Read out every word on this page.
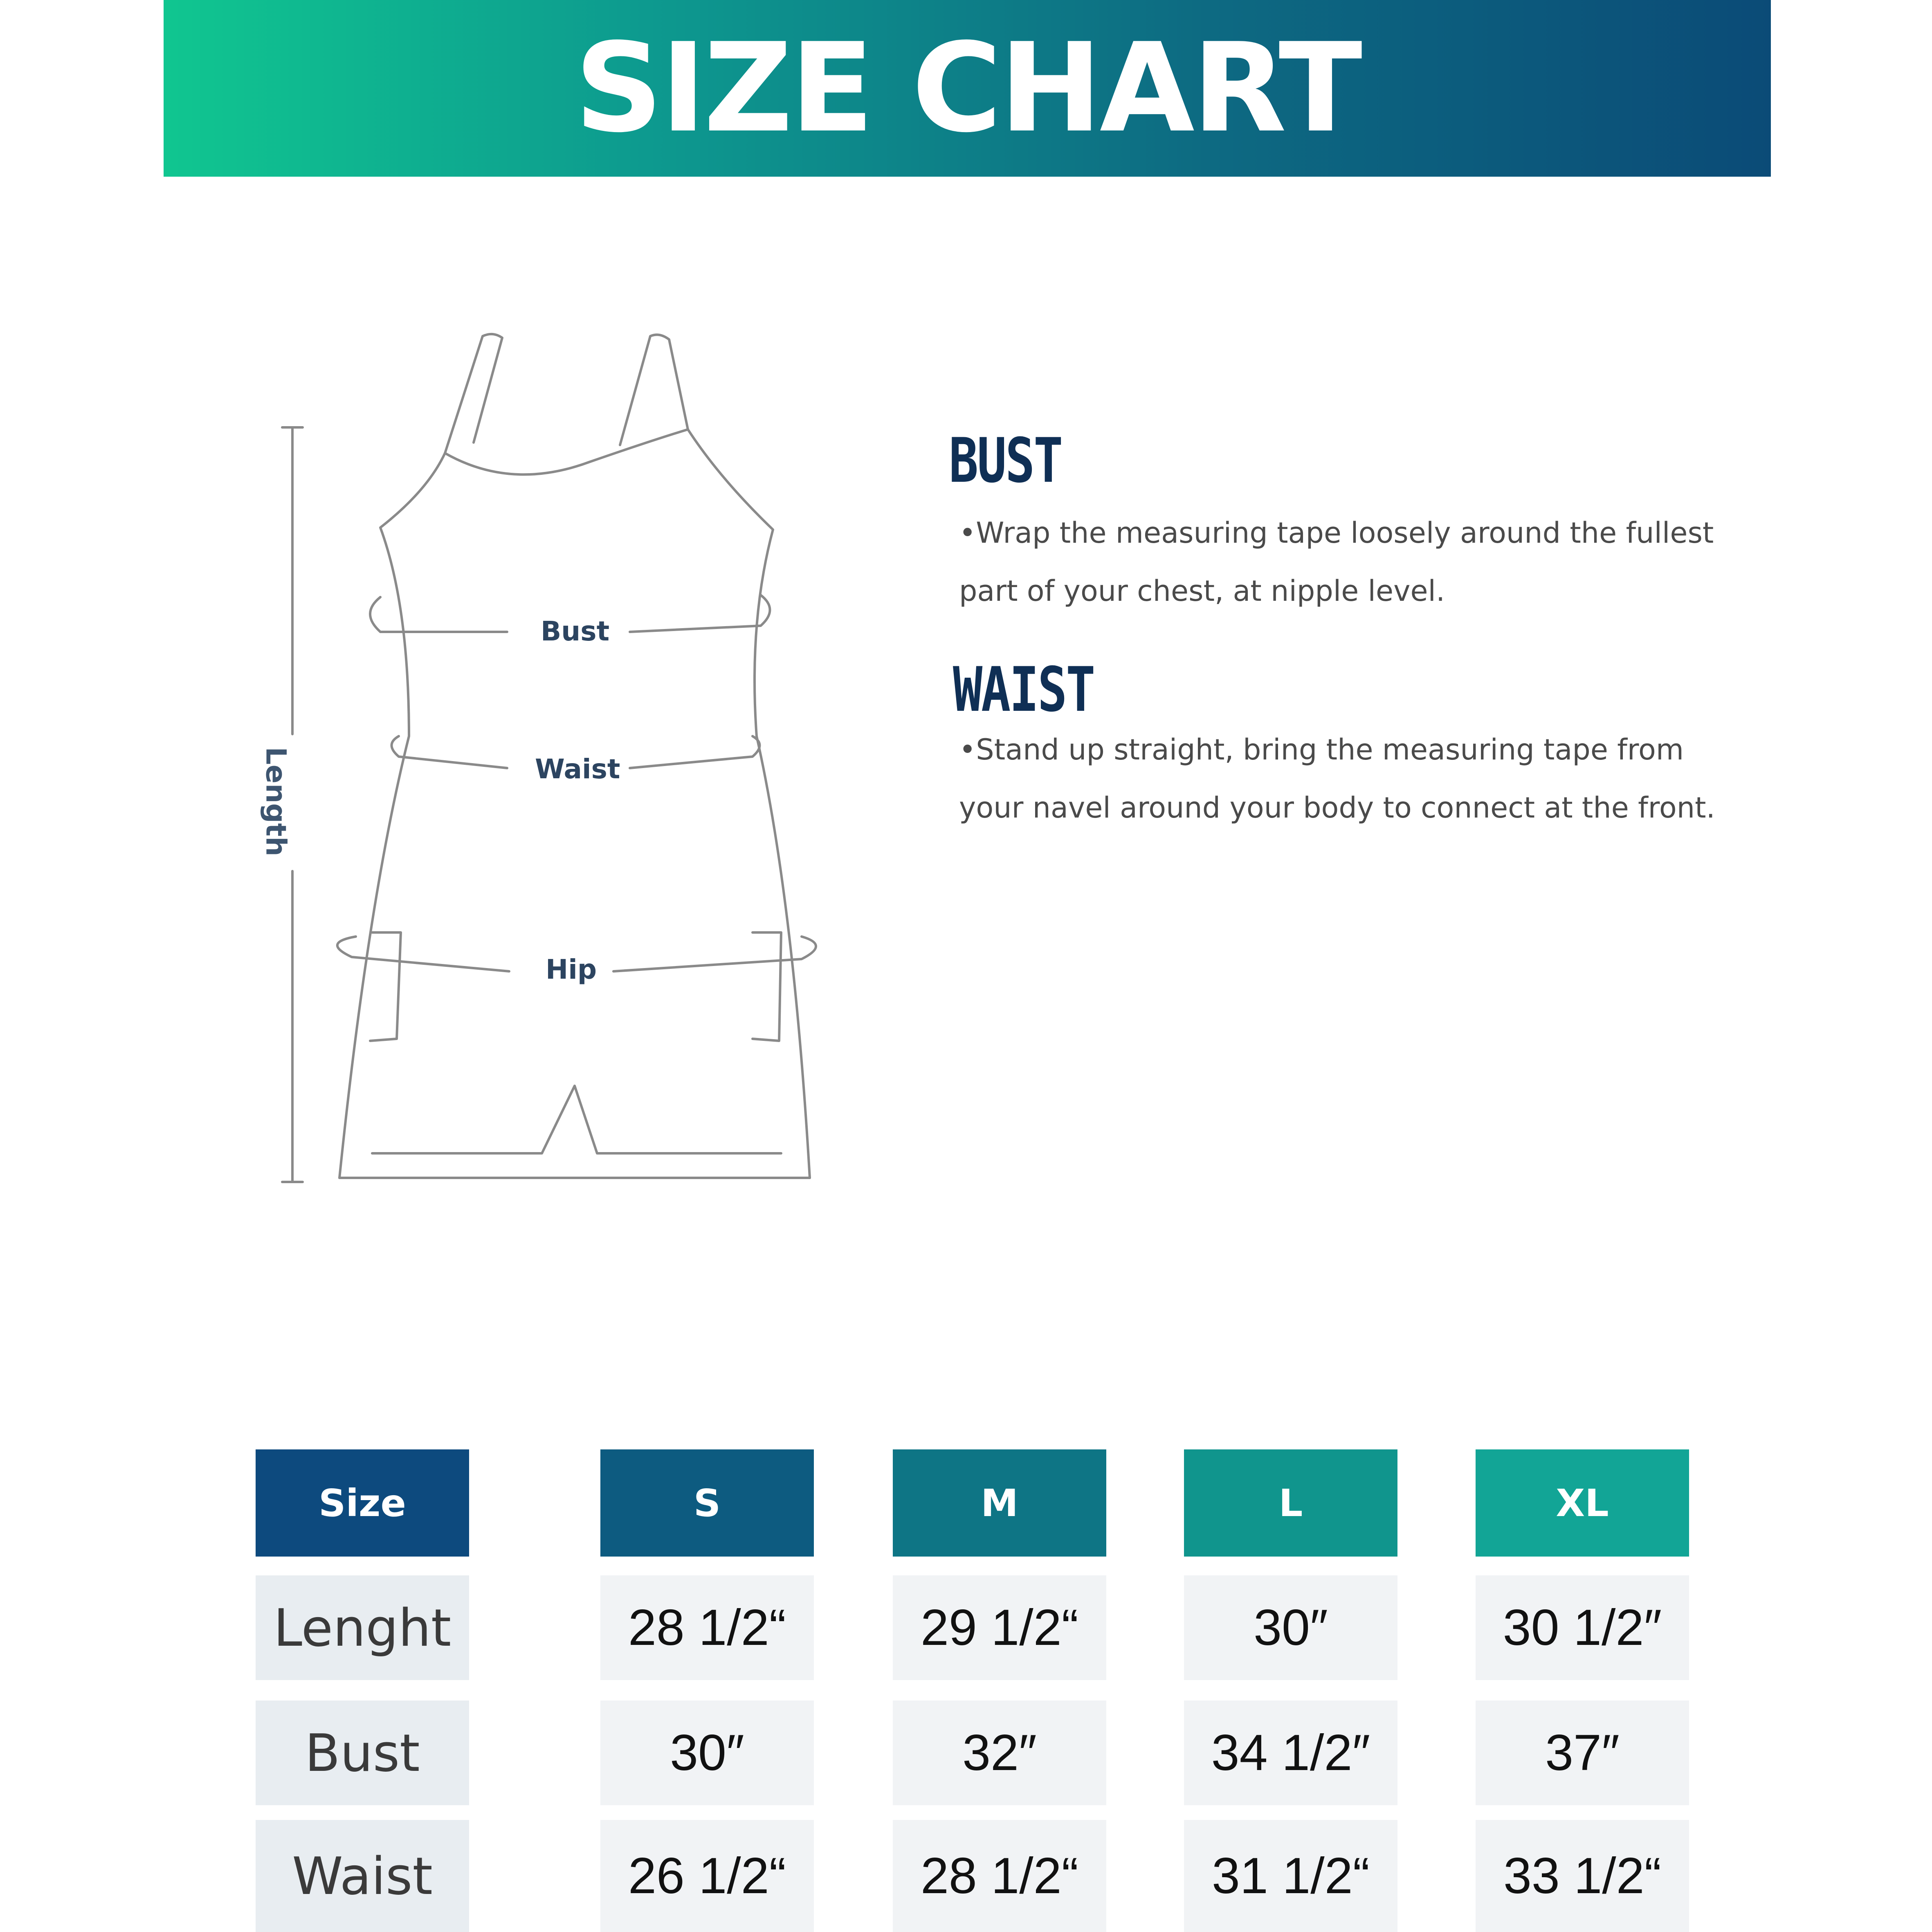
SIZE CHART
Bust
Waist
Hip
Length
BUST

•Wrap the measuring tape loosely around the fullest part of your chest, at nipple level.

WAIST

•Stand up straight, bring the measuring tape from your navel around your body to connect at the front.

Size	S	M	L	XL
Lenght	28 1/2“	29 1/2“	30″	30 1/2″
Bust	30″	32″	34 1/2″	37″
Waist	26 1/2“	28 1/2“	31 1/2“	33 1/2“
